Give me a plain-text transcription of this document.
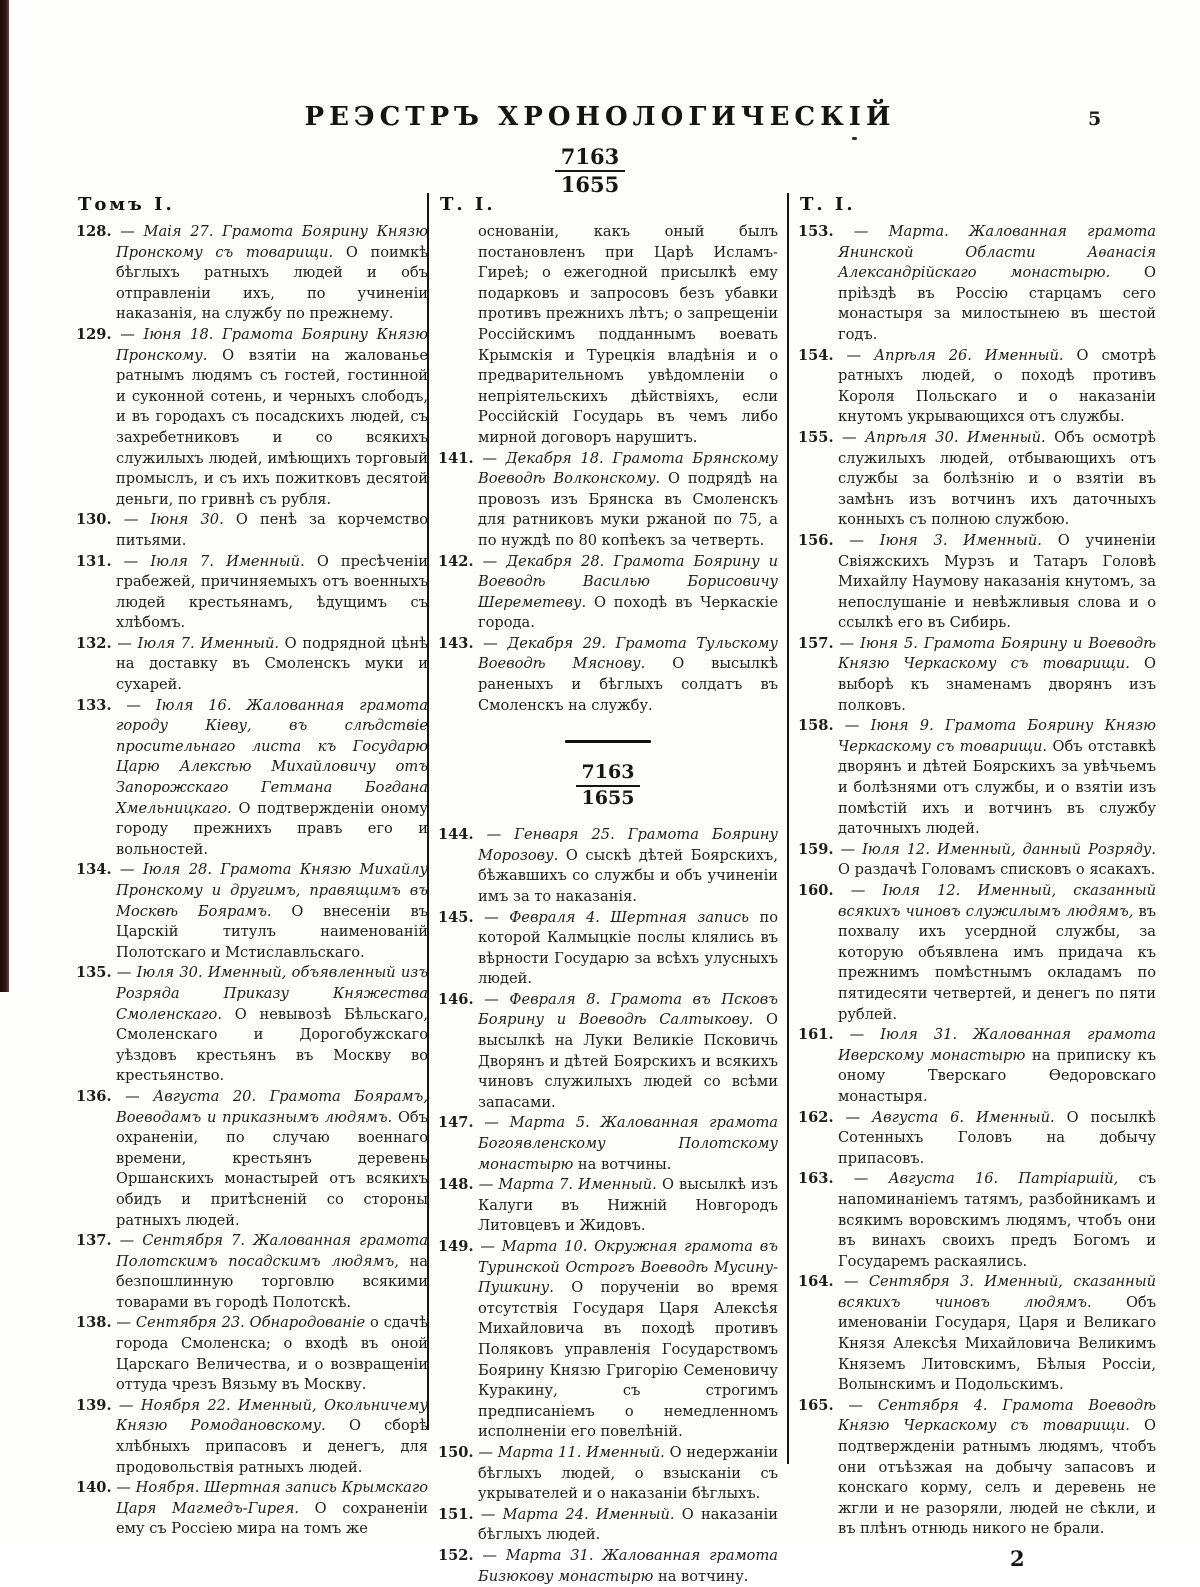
РЕЭСТРЪ ХРОНОЛОГИЧЕСКІЙ	5
$\frac{7163}{1655}$
Томъ I.

128. — Маія 27. Грамота Боярину Князю Пронскому съ товарищи. О поимкѣ бѣглыхъ ратныхъ людей и объ отправленіи ихъ, по учиненіи наказанія, на службу по прежнему.

129. — Іюня 18. Грамота Боярину Князю Пронскому. О взятіи на жалованье ратнымъ людямъ съ гостей, гостинной и суконной сотень, и черныхъ слободъ, и въ городахъ съ посадскихъ людей, съ захребетниковъ и со всякихъ служилыхъ людей, имѣющихъ торговый промыслъ, и съ ихъ пожитковъ десятой деньги, по гривнѣ съ рубля.

130. — Іюня 30. О пенѣ за корчемство питьями.

131. — Іюля 7. Именный. О пресѣченіи грабежей, причиняемыхъ отъ военныхъ людей крестьянамъ, ѣдущимъ съ хлѣбомъ.

132. — Іюля 7. Именный. О подрядной цѣнѣ на доставку въ Смоленскъ муки и сухарей.

133. — Іюля 16. Жалованная грамота городу Кіеву, въ слѣдствіе просительнаго листа къ Государю Царю Алексѣю Михайловичу отъ Запорожскаго Гетмана Богдана Хмельницкаго. О подтвержденіи оному городу прежнихъ правъ его и вольностей.

134. — Іюля 28. Грамота Князю Михайлу Пронскому и другимъ, правящимъ въ Москвѣ Боярамъ. О внесеніи въ Царскій титулъ наименованій Полотскаго и Мстиславльскаго.

135. — Іюля 30. Именный, объявленный изъ Розряда Приказу Княжества Смоленскаго. О невывозѣ Бѣльскаго, Смоленскаго и Дорогобужскаго уѣздовъ крестьянъ въ Москву во крестьянство.

136. — Августа 20. Грамота Боярамъ, Воеводамъ и приказнымъ людямъ. Объ охраненіи, по случаю военнаго времени, крестьянъ деревень Оршанскихъ монастырей отъ всякихъ обидъ и притѣсненій со стороны ратныхъ людей.

137. — Сентября 7. Жалованная грамота Полотскимъ посадскимъ людямъ, на безпошлинную торговлю всякими товарами въ городѣ Полотскѣ.

138. — Сентября 23. Обнародованіе о сдачѣ города Смоленска; о входѣ въ оной Царскаго Величества, и о возвращеніи оттуда чрезъ Вязьму въ Москву.

139. — Ноября 22. Именный, Окольничему Князю Ромодановскому. О сборѣ хлѣбныхъ припасовъ и денегъ, для продовольствія ратныхъ людей.

140. — Ноября. Шертная запись Крымскаго Царя Магмедъ-Гирея. О сохраненіи ему съ Россіею мира на томъ же

Т. I.

основаніи, какъ оный былъ постановленъ при Царѣ Исламъ-Гиреѣ; о ежегодной присылкѣ ему подарковъ и запросовъ безъ убавки противъ прежнихъ лѣтъ; о запрещеніи Россійскимъ подданнымъ воевать Крымскія и Турецкія владѣнія и о предварительномъ увѣдомленіи о непріятельскихъ дѣйствіяхъ, если Россійскій Государь въ чемъ либо мирной договоръ нарушитъ.

141. — Декабря 18. Грамота Брянскому Воеводѣ Волконскому. О подрядѣ на провозъ изъ Брянска въ Смоленскъ для ратниковъ муки ржаной по 75, а по нуждѣ по 80 копѣекъ за четверть.

142. — Декабря 28. Грамота Боярину и Воеводѣ Василью Борисовичу Шереметеву. О походѣ въ Черкаскіе города.

143. — Декабря 29. Грамота Тульскому Воеводѣ Мяснову. О высылкѣ раненыхъ и бѣглыхъ солдатъ въ Смоленскъ на службу.

7163
1655

144. — Генваря 25. Грамота Боярину Морозову. О сыскѣ дѣтей Боярскихъ, бѣжавшихъ со службы и объ учиненіи имъ за то наказанія.

145. — Февраля 4. Шертная запись по которой Калмыцкіе послы клялись въ вѣрности Государю за всѣхъ улусныхъ людей.

146. — Февраля 8. Грамота въ Псковъ Боярину и Воеводѣ Салтыкову. О высылкѣ на Луки Великіе Псковичь Дворянъ и дѣтей Боярскихъ и всякихъ чиновъ служилыхъ людей со всѣми запасами.

147. — Марта 5. Жалованная грамота Богоявленскому Полотскому монастырю на вотчины.

148. — Марта 7. Именный. О высылкѣ изъ Калуги въ Нижній Новгородъ Литовцевъ и Жидовъ.

149. — Марта 10. Окружная грамота въ Туринской Острогъ Воеводѣ Мусину-Пушкину. О порученіи во время отсутствія Государя Царя Алексѣя Михайловича въ походѣ противъ Поляковъ управленія Государствомъ Боярину Князю Григорію Семеновичу Куракину, съ строгимъ предписаніемъ о немедленномъ исполненіи его повелѣній.

150. — Марта 11. Именный. О недержаніи бѣглыхъ людей, о взысканіи съ укрывателей и о наказаніи бѣглыхъ.

151. — Марта 24. Именный. О наказаніи бѣглыхъ людей.

152. — Марта 31. Жалованная грамота Бизюкову монастырю на вотчину.

Т. I.

153. — Марта. Жалованная грамота Янинской Области Аѳанасія Александрійскаго монастырю. О пріѣздѣ въ Россію старцамъ сего монастыря за милостынею въ шестой годъ.

154. — Апрѣля 26. Именный. О смотрѣ ратныхъ людей, о походѣ противъ Короля Польскаго и о наказаніи кнутомъ укрывающихся отъ службы.

155. — Апрѣля 30. Именный. Объ осмотрѣ служилыхъ людей, отбывающихъ отъ службы за болѣзнію и о взятіи въ замѣнъ изъ вотчинъ ихъ даточныхъ конныхъ съ полною службою.

156. — Іюня 3. Именный. О учиненіи Свіяжскихъ Мурзъ и Татаръ Головѣ Михайлу Наумову наказанія кнутомъ, за непослушаніе и невѣжливыя слова и о ссылкѣ его въ Сибирь.

157. — Іюня 5. Грамота Боярину и Воеводѣ Князю Черкаскому съ товарищи. О выборѣ къ знаменамъ дворянъ изъ полковъ.

158. — Іюня 9. Грамота Боярину Князю Черкаскому съ товарищи. Объ отставкѣ дворянъ и дѣтей Боярскихъ за увѣчьемъ и болѣзнями отъ службы, и о взятіи изъ помѣстій ихъ и вотчинъ въ службу даточныхъ людей.

159. — Іюля 12. Именный, данный Розряду. О раздачѣ Головамъ списковъ о ясакахъ.

160. — Іюля 12. Именный, сказанный всякихъ чиновъ служилымъ людямъ, въ похвалу ихъ усердной службы, за которую объявлена имъ придача къ прежнимъ помѣстнымъ окладамъ по пятидесяти четвертей, и денегъ по пяти рублей.

161. — Іюля 31. Жалованная грамота Иверскому монастырю на приписку къ оному Тверскаго Ѳедоровскаго монастыря.

162. — Августа 6. Именный. О посылкѣ Сотенныхъ Головъ на добычу припасовъ.

163. — Августа 16. Патріаршій, съ напоминаніемъ татямъ, разбойникамъ и всякимъ воровскимъ людямъ, чтобъ они въ винахъ своихъ предъ Богомъ и Государемъ раскаялись.

164. — Сентября 3. Именный, сказанный всякихъ чиновъ людямъ. Объ именованіи Государя, Царя и Великаго Князя Алексѣя Михайловича Великимъ Княземъ Литовскимъ, Бѣлыя Россіи, Волынскимъ и Подольскимъ.

165. — Сентября 4. Грамота Воеводѣ Князю Черкаскому съ товарищи. О подтвержденіи ратнымъ людямъ, чтобъ они отъѣзжая на добычу запасовъ и конскаго корму, селъ и деревень не жгли и не разоряли, людей не сѣкли, и въ плѣнъ отнюдь никого не брали.

2
